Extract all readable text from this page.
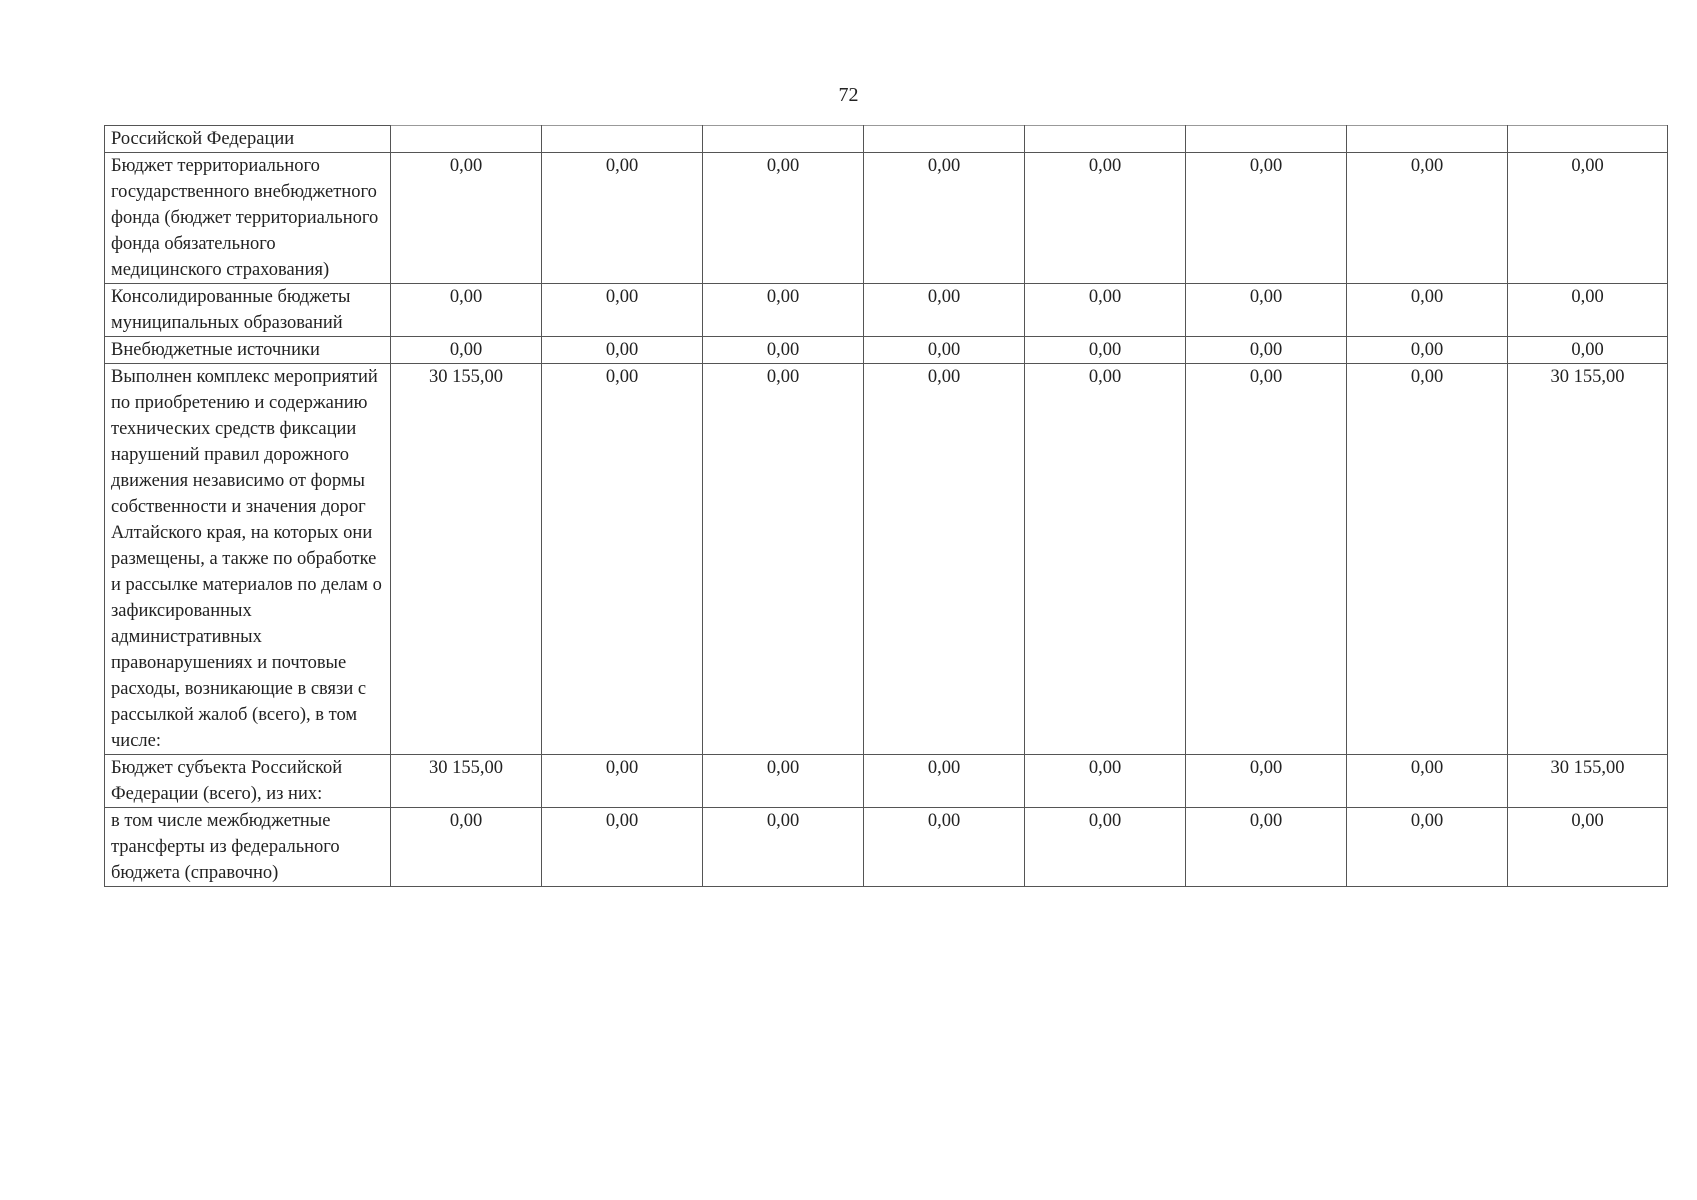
72
Российской Федерации								
Бюджет территориального государственного внебюджетного фонда (бюджет территориального фонда обязательного медицинского страхования)	0,00	0,00	0,00	0,00	0,00	0,00	0,00	0,00
Консолидированные бюджеты муниципальных образований	0,00	0,00	0,00	0,00	0,00	0,00	0,00	0,00
Внебюджетные источники	0,00	0,00	0,00	0,00	0,00	0,00	0,00	0,00
Выполнен комплекс мероприятий по приобретению и содержанию технических средств фиксации нарушений правил дорожного движения независимо от формы собственности и значения дорог Алтайского края, на которых они размещены, а также по обработке и рассылке материалов по делам о зафиксированных административных правонарушениях и почтовые расходы, возникающие в связи с рассылкой жалоб (всего), в том числе:	30 155,00	0,00	0,00	0,00	0,00	0,00	0,00	30 155,00
Бюджет субъекта Российской Федерации (всего), из них:	30 155,00	0,00	0,00	0,00	0,00	0,00	0,00	30 155,00
в том числе межбюджетные трансферты из федерального бюджета (справочно)	0,00	0,00	0,00	0,00	0,00	0,00	0,00	0,00
